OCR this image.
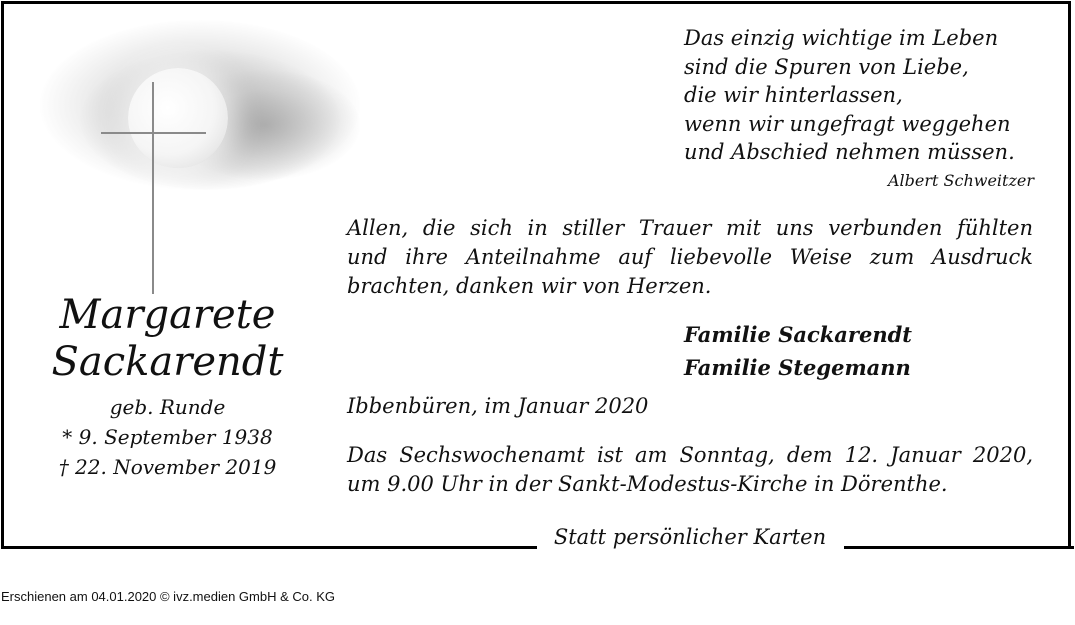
Margarete
Sackarendt
geb. Runde
* 9. September 1938
† 22. November 2019
Das einzig wichtige im Leben
sind die Spuren von Liebe,
die wir hinterlassen,
wenn wir ungefragt weggehen
und Abschied nehmen müssen.
Albert Schweitzer
Allen, die sich in stiller Trauer mit uns verbunden fühlten
und ihre Anteilnahme auf liebevolle Weise zum Ausdruck
brachten, danken wir von Herzen.
Familie Sackarendt
Familie Stegemann
Ibbenbüren, im Januar 2020
Das Sechswochenamt ist am Sonntag, dem 12. Januar 2020,
um 9.00 Uhr in der Sankt-Modestus-Kirche in Dörenthe.
Statt persönlicher Karten
Erschienen am 04.01.2020 © ivz.medien GmbH & Co. KG
